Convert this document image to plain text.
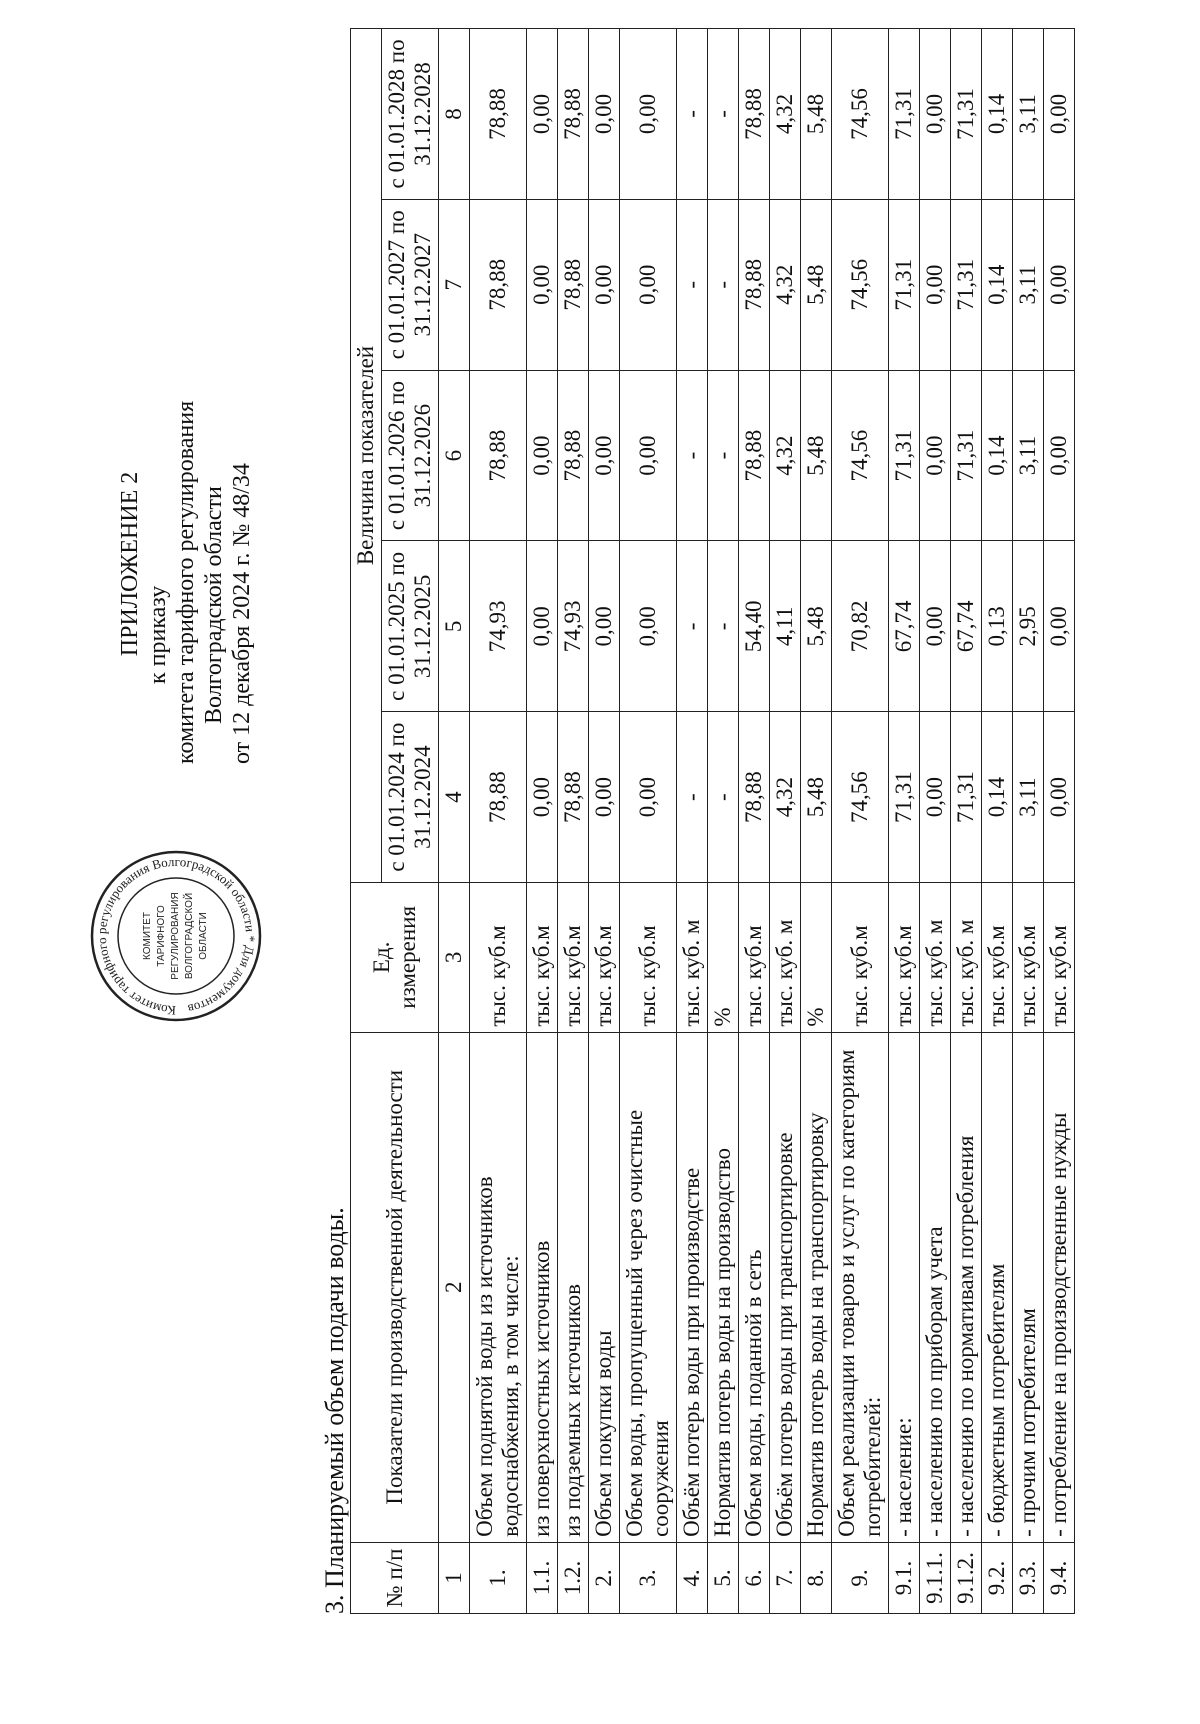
ПРИЛОЖЕНИЕ 2 к приказу комитета тарифного регулирования Волгоградской области от 12 декабря 2024 г. № 48/34
Комитет тарифного регулирования Волгоградской области * Для документов
КОМИТЕТ ТАРИФНОГО РЕГУЛИРОВАНИЯ ВОЛГОГРАДСКОЙ ОБЛАСТИ
3. Планируемый объем подачи воды. № п/п	Показатели производственной деятельности	Ед. измерения	Величина показателей				
			с 01.01.2024 по 31.12.2024	с 01.01.2025 по 31.12.2025	с 01.01.2026 по 31.12.2026	с 01.01.2027 по 31.12.2027	с 01.01.2028 по 31.12.2028
1	2	3	4	5	6	7	8
1.	Объем поднятой воды из источников водоснабжения, в том числе:	тыс. куб.м	78,88	74,93	78,88	78,88	78,88
1.1.	из поверхностных источников	тыс. куб.м	0,00	0,00	0,00	0,00	0,00
1.2.	из подземных источников	тыс. куб.м	78,88	74,93	78,88	78,88	78,88
2.	Объем покупки воды	тыс. куб.м	0,00	0,00	0,00	0,00	0,00
3.	Объем воды, пропущенный через очистные сооружения	тыс. куб.м	0,00	0,00	0,00	0,00	0,00
4.	Объём потерь воды при производстве	тыс. куб. м	-	-	-	-	-
5.	Норматив потерь воды на производство	%	-	-	-	-	-
6.	Объем воды, поданной в сеть	тыс. куб.м	78,88	54,40	78,88	78,88	78,88
7.	Объём потерь воды при транспортировке	тыс. куб. м	4,32	4,11	4,32	4,32	4,32
8.	Норматив потерь воды на транспортировку	%	5,48	5,48	5,48	5,48	5,48
9.	Объем реализации товаров и услуг по категориям потребителей:	тыс. куб.м	74,56	70,82	74,56	74,56	74,56
9.1.	- население:	тыс. куб.м	71,31	67,74	71,31	71,31	71,31
9.1.1.	- населению по приборам учета	тыс. куб. м	0,00	0,00	0,00	0,00	0,00
9.1.2.	- населению по нормативам потребления	тыс. куб. м	71,31	67,74	71,31	71,31	71,31
9.2.	- бюджетным потребителям	тыс. куб.м	0,14	0,13	0,14	0,14	0,14
9.3.	- прочим потребителям	тыс. куб.м	3,11	2,95	3,11	3,11	3,11
9.4.	- потребление на производственные нужды	тыс. куб.м	0,00	0,00	0,00	0,00	0,00
